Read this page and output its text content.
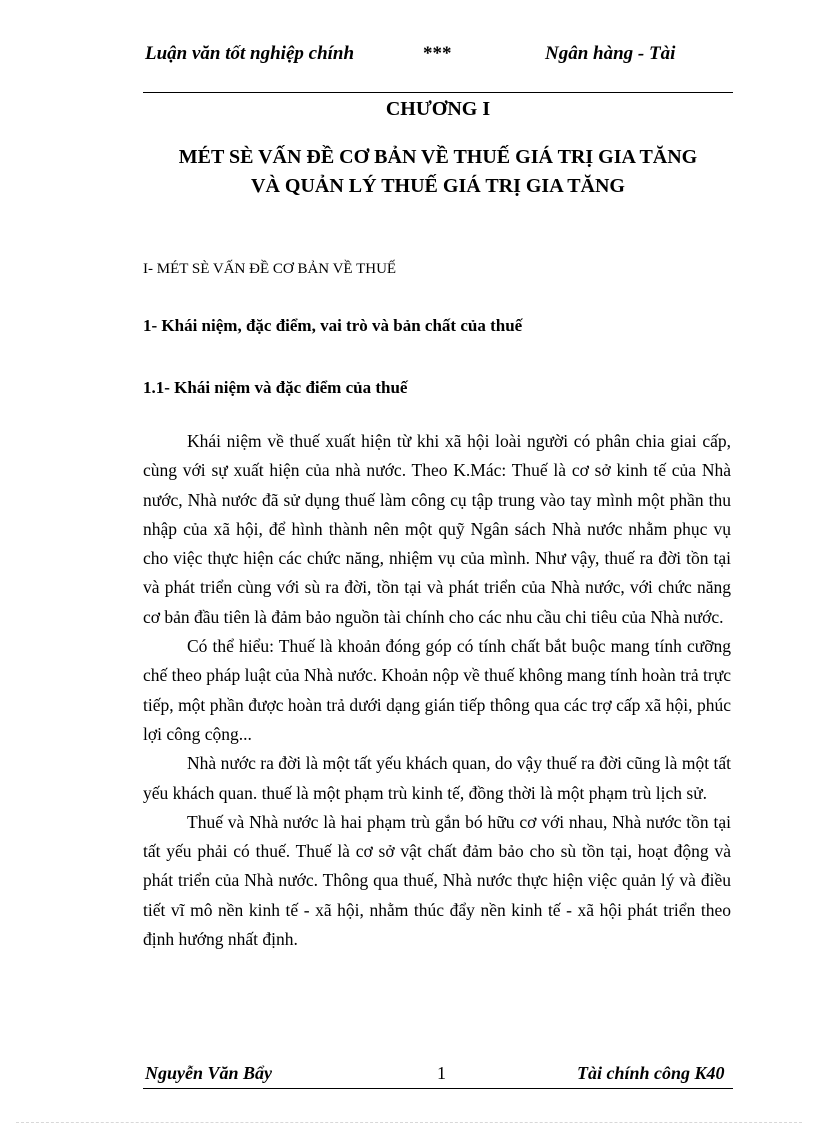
Luận văn tốt nghiệp chính	***	Ngân hàng - Tài
CHƯƠNG I
MÉT SÈ VẤN ĐỀ CƠ BẢN VỀ THUẾ GIÁ TRỊ GIA TĂNG
VÀ QUẢN LÝ THUẾ GIÁ TRỊ GIA TĂNG
I- MÉT SÈ VẤN ĐỀ CƠ BẢN VỀ THUẾ
1- Khái niệm, đặc điểm, vai trò và bản chất của thuế
1.1- Khái niệm và đặc điểm của thuế

Khái niệm về thuế xuất hiện từ khi xã hội loài người có phân chia giai cấp, cùng với sự xuất hiện của nhà nước. Theo K.Mác: Thuế là cơ sở kinh tế của Nhà nước, Nhà nước đã sử dụng thuế làm công cụ tập trung vào tay mình một phần thu nhập của xã hội, để hình thành nên một quỹ Ngân sách Nhà nước nhằm phục vụ cho việc thực hiện các chức năng, nhiệm vụ của mình. Như vậy, thuế ra đời tồn tại và phát triển cùng với sù ra đời, tồn tại và phát triển của Nhà nước, với chức năng cơ bản đầu tiên là đảm bảo nguồn tài chính cho các nhu cầu chi tiêu của Nhà nước.

Có thể hiểu: Thuế là khoản đóng góp có tính chất bắt buộc mang tính cưỡng chế theo pháp luật của Nhà nước. Khoản nộp về thuế không mang tính hoàn trả trực tiếp, một phần được hoàn trả dưới dạng gián tiếp thông qua các trợ cấp xã hội, phúc lợi công cộng...

Nhà nước ra đời là một tất yếu khách quan, do vậy thuế ra đời cũng là một tất yếu khách quan. thuế là một phạm trù kinh tế, đồng thời là một phạm trù lịch sử.

Thuế và Nhà nước là hai phạm trù gắn bó hữu cơ với nhau, Nhà nước tồn tại tất yếu phải có thuế. Thuế là cơ sở vật chất đảm bảo cho sù tồn tại, hoạt động và phát triển của Nhà nước. Thông qua thuế, Nhà nước thực hiện việc quản lý và điều tiết vĩ mô nền kinh tế - xã hội, nhằm thúc đẩy nền kinh tế - xã hội phát triển theo định hướng nhất định.

Nguyễn Văn Bẩy	1	Tài chính công K40
